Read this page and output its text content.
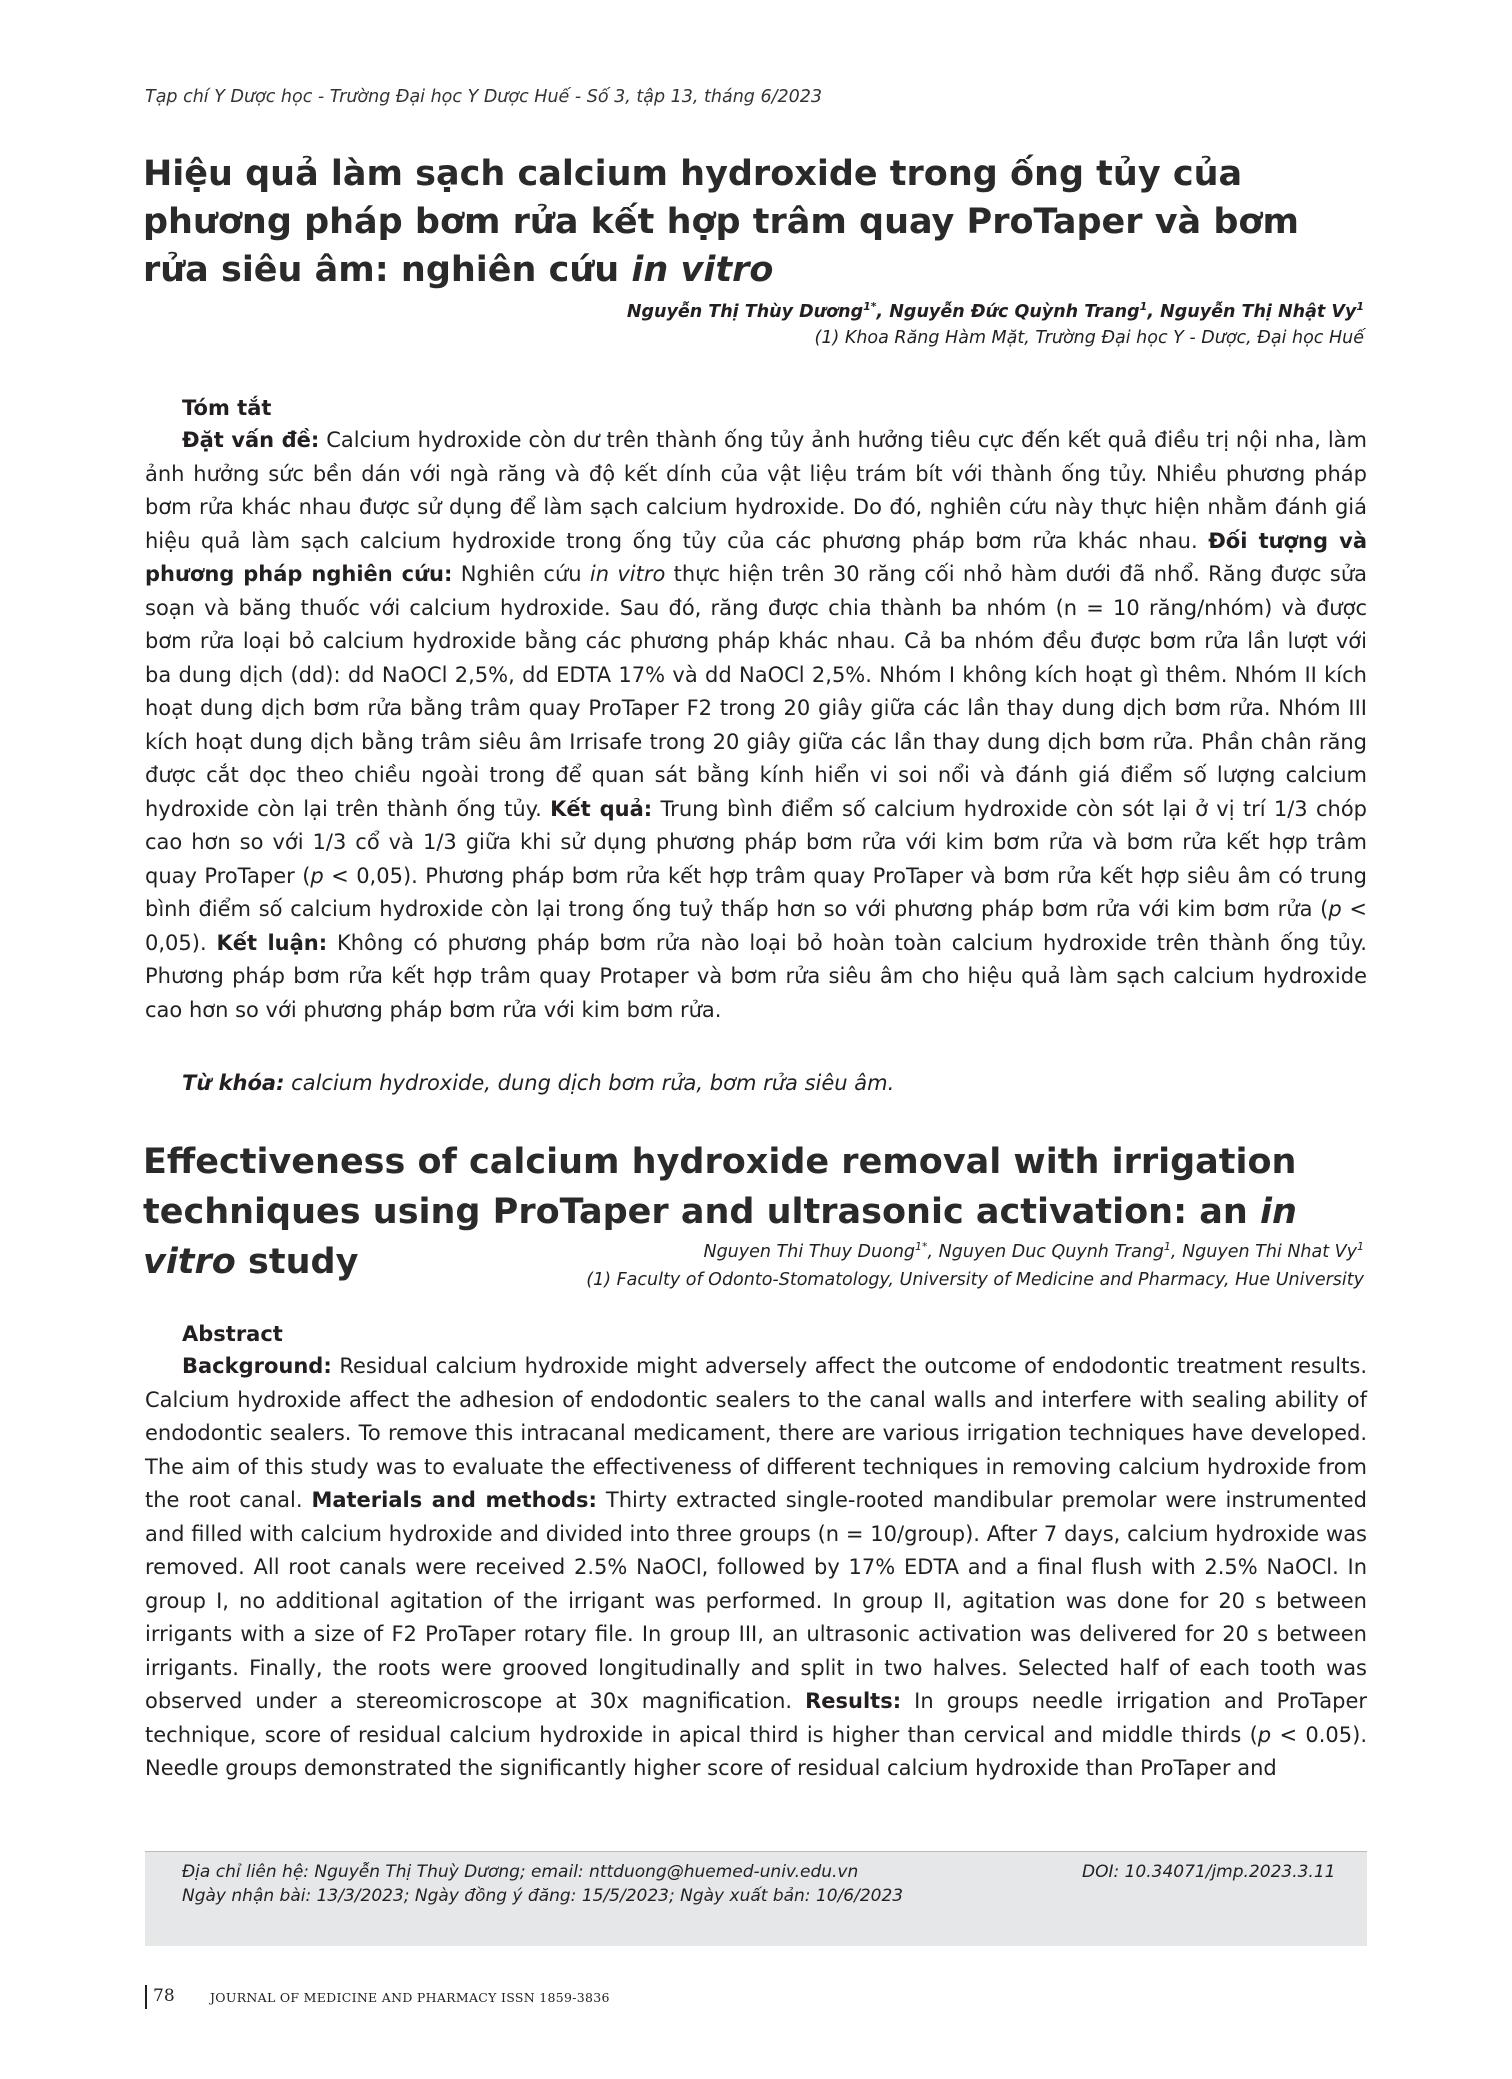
Tạp chí Y Dược học - Trường Đại học Y Dược Huế - Số 3, tập 13, tháng 6/2023
Hiệu quả làm sạch calcium hydroxide trong ống tủy của phương pháp bơm rửa kết hợp trâm quay ProTaper và bơm rửa siêu âm: nghiên cứu in vitro
Nguyễn Thị Thùy Dương$^{1*}$, Nguyễn Đức Quỳnh Trang$^1$, Nguyễn Thị Nhật Vy$^1$
(1) Khoa Răng Hàm Mặt, Trường Đại học Y - Dược, Đại học Huế
Tóm tắt

Đặt vấn đề: Calcium hydroxide còn dư trên thành ống tủy ảnh hưởng tiêu cực đến kết quả điều trị nội nha, làm ảnh hưởng sức bền dán với ngà răng và độ kết dính của vật liệu trám bít với thành ống tủy. Nhiều phương pháp bơm rửa khác nhau được sử dụng để làm sạch calcium hydroxide. Do đó, nghiên cứu này thực hiện nhằm đánh giá hiệu quả làm sạch calcium hydroxide trong ống tủy của các phương pháp bơm rửa khác nhau. Đối tượng và phương pháp nghiên cứu: Nghiên cứu in vitro thực hiện trên 30 răng cối nhỏ hàm dưới đã nhổ. Răng được sửa soạn và băng thuốc với calcium hydroxide. Sau đó, răng được chia thành ba nhóm (n = 10 răng/nhóm) và được bơm rửa loại bỏ calcium hydroxide bằng các phương pháp khác nhau. Cả ba nhóm đều được bơm rửa lần lượt với ba dung dịch (dd): dd NaOCl 2,5%, dd EDTA 17% và dd NaOCl 2,5%. Nhóm I không kích hoạt gì thêm. Nhóm II kích hoạt dung dịch bơm rửa bằng trâm quay ProTaper F2 trong 20 giây giữa các lần thay dung dịch bơm rửa. Nhóm III kích hoạt dung dịch bằng trâm siêu âm Irrisafe trong 20 giây giữa các lần thay dung dịch bơm rửa. Phần chân răng được cắt dọc theo chiều ngoài trong để quan sát bằng kính hiển vi soi nổi và đánh giá điểm số lượng calcium hydroxide còn lại trên thành ống tủy. Kết quả: Trung bình điểm số calcium hydroxide còn sót lại ở vị trí 1/3 chóp cao hơn so với 1/3 cổ và 1/3 giữa khi sử dụng phương pháp bơm rửa với kim bơm rửa và bơm rửa kết hợp trâm quay ProTaper (p < 0,05). Phương pháp bơm rửa kết hợp trâm quay ProTaper và bơm rửa kết hợp siêu âm có trung bình điểm số calcium hydroxide còn lại trong ống tuỷ thấp hơn so với phương pháp bơm rửa với kim bơm rửa (p < 0,05). Kết luận: Không có phương pháp bơm rửa nào loại bỏ hoàn toàn calcium hydroxide trên thành ống tủy. Phương pháp bơm rửa kết hợp trâm quay Protaper và bơm rửa siêu âm cho hiệu quả làm sạch calcium hydroxide cao hơn so với phương pháp bơm rửa với kim bơm rửa.

Từ khóa: calcium hydroxide, dung dịch bơm rửa, bơm rửa siêu âm.
Effectiveness of calcium hydroxide removal with irrigation techniques using ProTaper and ultrasonic activation: an in vitro study	Nguyen Thi Thuy Duong$^{1*}$, Nguyen Duc Quynh Trang$^1$, Nguyen Thi Nhat Vy$^1$
(1) Faculty of Odonto-Stomatology, University of Medicine and Pharmacy, Hue University
Abstract

Background: Residual calcium hydroxide might adversely affect the outcome of endodontic treatment results. Calcium hydroxide affect the adhesion of endodontic sealers to the canal walls and interfere with sealing ability of endodontic sealers. To remove this intracanal medicament, there are various irrigation techniques have developed. The aim of this study was to evaluate the effectiveness of different techniques in removing calcium hydroxide from the root canal. Materials and methods: Thirty extracted single-rooted mandibular premolar were instrumented and filled with calcium hydroxide and divided into three groups (n = 10/group). After 7 days, calcium hydroxide was removed. All root canals were received 2.5% NaOCl, followed by 17% EDTA and a final flush with 2.5% NaOCl. In group I, no additional agitation of the irrigant was performed. In group II, agitation was done for 20 s between irrigants with a size of F2 ProTaper rotary file. In group III, an ultrasonic activation was delivered for 20 s between irrigants. Finally, the roots were grooved longitudinally and split in two halves. Selected half of each tooth was observed under a stereomicroscope at 30x magnification. Results: In groups needle irrigation and ProTaper technique, score of residual calcium hydroxide in apical third is higher than cervical and middle thirds (p < 0.05). Needle groups demonstrated the significantly higher score of residual calcium hydroxide than ProTaper and

Địa chỉ liên hệ: Nguyễn Thị Thuỳ Dương; email: nttduong@huemed-univ.edu.vn
Ngày nhận bài: 13/3/2023; Ngày đồng ý đăng: 15/5/2023; Ngày xuất bản: 10/6/2023
DOI: 10.34071/jmp.2023.3.11
78	JOURNAL OF MEDICINE AND PHARMACY ISSN 1859-3836
